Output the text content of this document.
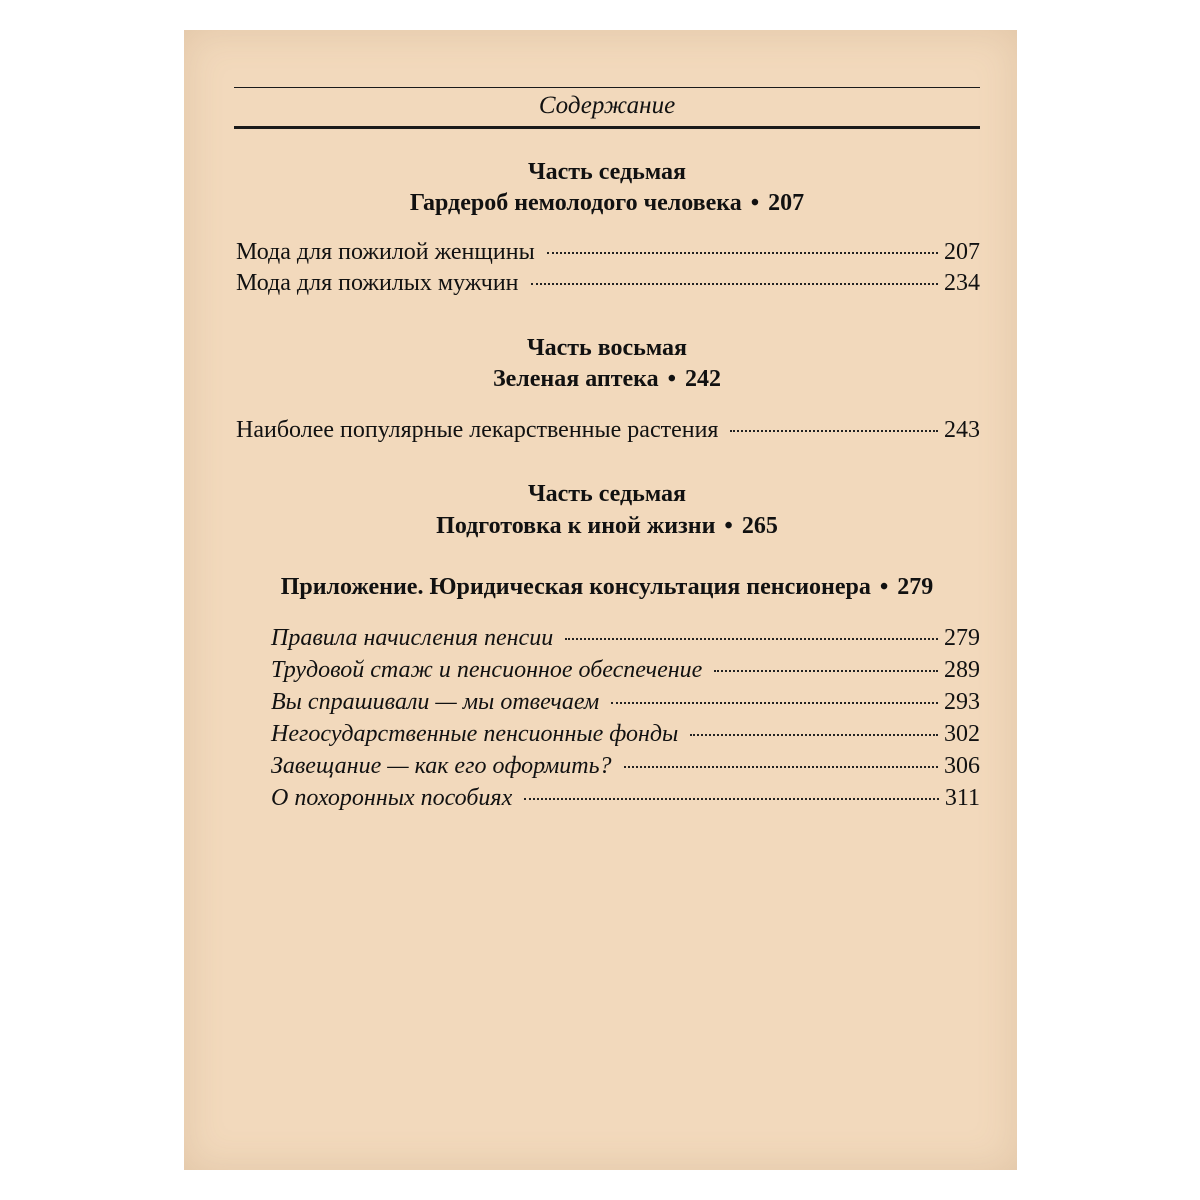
Содержание
Часть седьмая
Гардероб немолодого человека • 207
Мода для пожилой женщины	207
Мода для пожилых мужчин	234
Часть восьмая
Зеленая аптека • 242
Наиболее популярные лекарственные растения	243
Часть седьмая
Подготовка к иной жизни • 265
Приложение. Юридическая консультация пенсионера • 279
Правила начисления пенсии	279
Трудовой стаж и пенсионное обеспечение	289
Вы спрашивали — мы отвечаем	293
Негосударственные пенсионные фонды	302
Завещание — как его оформить?	306
О похоронных пособиях	311
